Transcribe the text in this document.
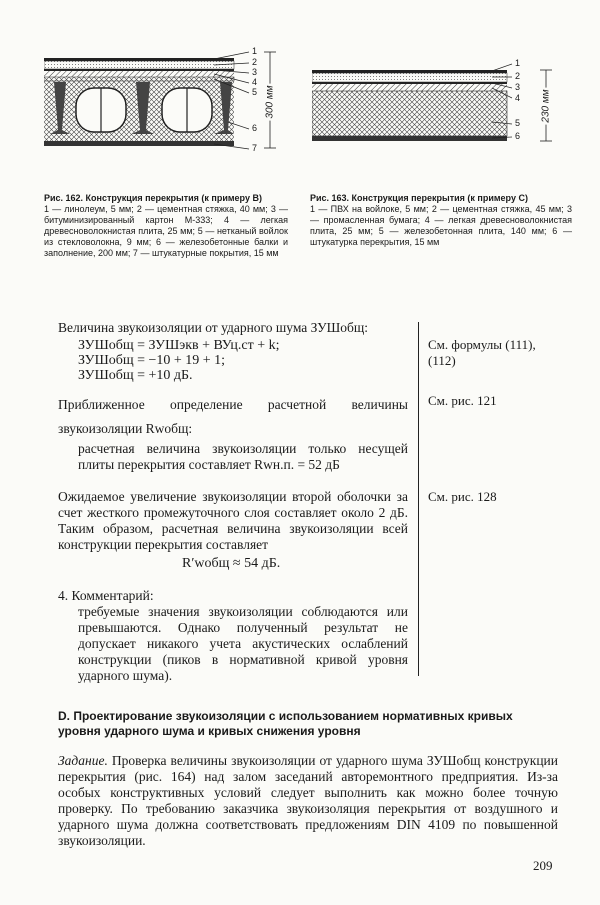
1
2
3
4
5
6
7
300 мм
1
2
3
4
5
6
230 мм
Рис. 162. Конструкция перекрытия (к примеру B)
1 — линолеум, 5 мм; 2 — цементная стяжка, 40 мм; 3 — битуминизированный картон М-333; 4 — легкая древесноволокнистая плита, 25 мм; 5 — нетканый войлок из стекловолокна, 9 мм; 6 — железобетонные балки и заполнение, 200 мм; 7 — штукатурные покрытия, 15 мм
Рис. 163. Конструкция перекрытия (к примеру C)
1 — ПВХ на войлоке, 5 мм; 2 — цементная стяжка, 45 мм; 3 — промасленная бумага; 4 — легкая древесноволокнистая плита, 25 мм; 5 — железобетонная плита, 140 мм; 6 — штукатурка перекрытия, 15 мм
Величина звукоизоляции от ударного шума ЗУШобщ:
ЗУШобщ = ЗУШэкв + ВУц.ст + k;
ЗУШобщ = −10 + 19 + 1;
ЗУШобщ = +10 дБ.
См. формулы (111), (112)
Приближенное определение расчетной величины звукоизоляции Rwобщ:
См. рис. 121
расчетная величина звукоизоляции только несущей плиты перекрытия составляет Rwн.п. = 52 дБ
Ожидаемое увеличение звукоизоляции второй оболочки за счет жесткого промежуточного слоя составляет около 2 дБ. Таким образом, расчетная величина звукоизоляции всей конструкции перекрытия составляет
См. рис. 128
R′wобщ ≈ 54 дБ.
4. Комментарий:
требуемые значения звукоизоляции соблюдаются или превышаются. Однако полученный результат не допускает никакого учета акустических ослаблений конструкции (пиков в нормативной кривой уровня ударного шума).
D. Проектирование звукоизоляции с использованием нормативных кривых уровня ударного шума и кривых снижения уровня
Задание. Проверка величины звукоизоляции от ударного шума ЗУШобщ конструкции перекрытия (рис. 164) над залом заседаний авторемонтного предприятия. Из-за особых конструктивных условий следует выполнить как можно более точную проверку. По требованию заказчика звукоизоляция перекрытия от воздушного и ударного шума должна соответствовать предложениям DIN 4109 по повышенной звукоизоляции.
209
